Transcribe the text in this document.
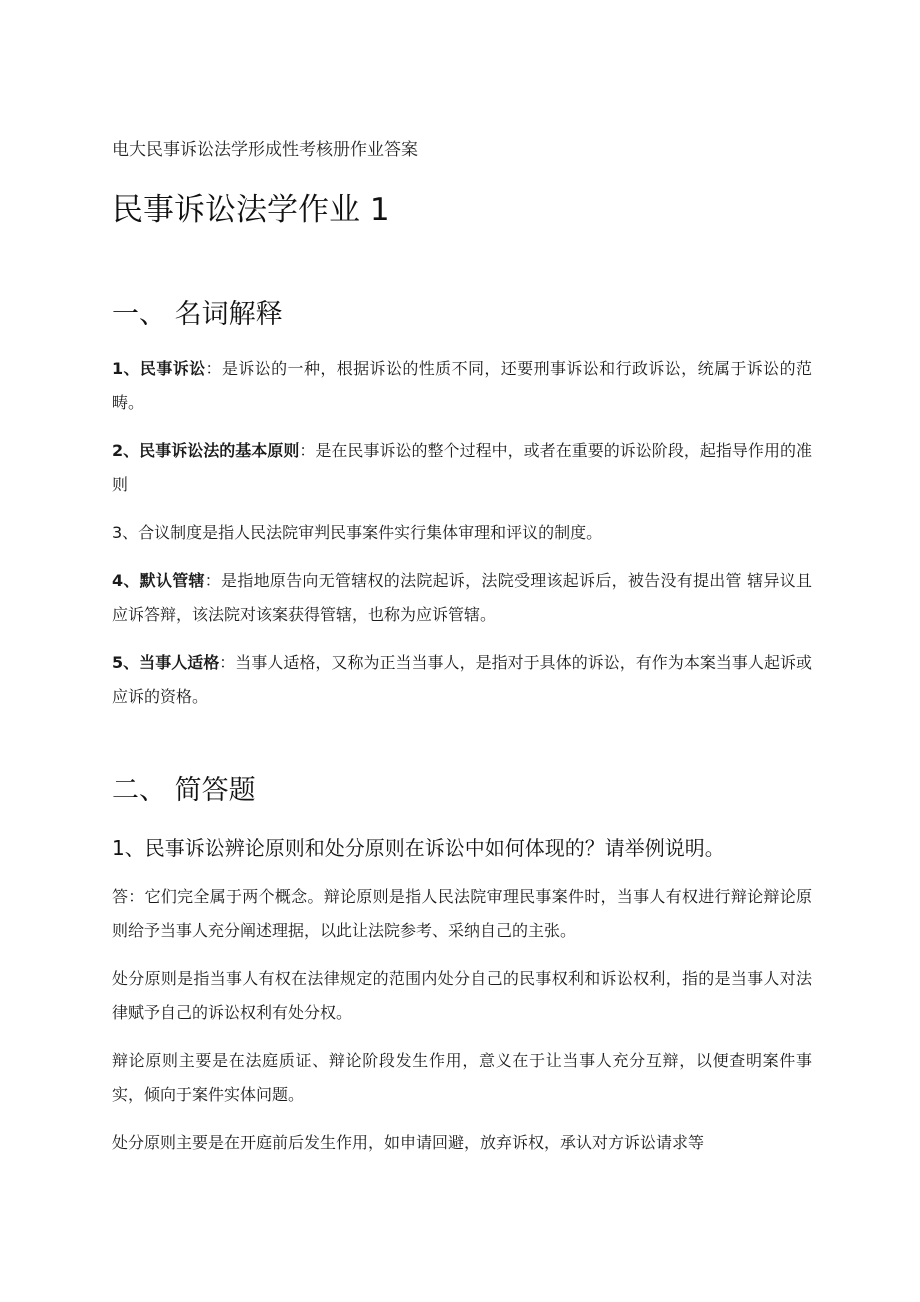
电大民事诉讼法学形成性考核册作业答案
民事诉讼法学作业 1
一、 名词解释
1、民事诉讼：是诉讼的一种，根据诉讼的性质不同，还要刑事诉讼和行政诉讼，统属于诉讼的范畴。
2、民事诉讼法的基本原则：是在民事诉讼的整个过程中，或者在重要的诉讼阶段，起指导作用的准则
3、合议制度是指人民法院审判民事案件实行集体审理和评议的制度。
4、默认管辖：是指地原告向无管辖权的法院起诉，法院受理该起诉后，被告没有提出管 辖异议且应诉答辩，该法院对该案获得管辖，也称为应诉管辖。
5、当事人适格：当事人适格，又称为正当当事人，是指对于具体的诉讼，有作为本案当事人起诉或应诉的资格。
二、 简答题
1、民事诉讼辨论原则和处分原则在诉讼中如何体现的？请举例说明。
答：它们完全属于两个概念。辩论原则是指人民法院审理民事案件时，当事人有权进行辩论辩论原则给予当事人充分阐述理据，以此让法院参考、采纳自己的主张。
处分原则是指当事人有权在法律规定的范围内处分自己的民事权利和诉讼权利，指的是当事人对法律赋予自己的诉讼权利有处分权。
辩论原则主要是在法庭质证、辩论阶段发生作用，意义在于让当事人充分互辩，以便查明案件事实，倾向于案件实体问题。
处分原则主要是在开庭前后发生作用，如申请回避，放弃诉权，承认对方诉讼请求等
